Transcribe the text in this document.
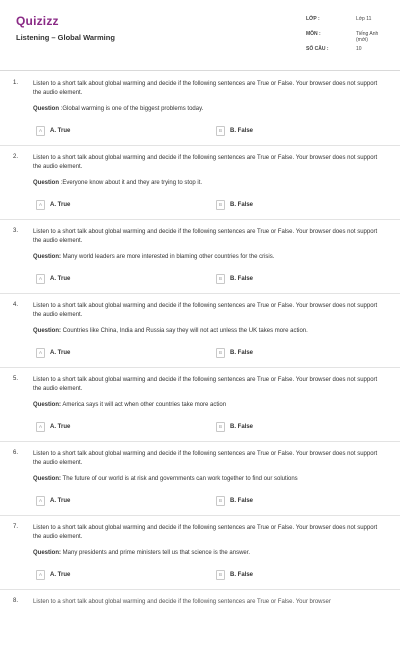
Quizizz
Listening – Global Warming
LỚP :	Lớp 11
MÔN :	Tiếng Anh (mới)
SỐ CÂU :	10
1. Listen to a short talk about global warming and decide if the following sentences are True or False. Your browser does not support the audio element.
Question :Global warming is one of the biggest problems today.
A A. True	B B. False
2. Listen to a short talk about global warming and decide if the following sentences are True or False. Your browser does not support the audio element.
Question :Everyone know about it and they are trying to stop it.
A A. True	B B. False
3. Listen to a short talk about global warming and decide if the following sentences are True or False. Your browser does not support the audio element.
Question: Many world leaders are more interested in blaming other countries for the crisis.
A A. True	B B. False
4. Listen to a short talk about global warming and decide if the following sentences are True or False. Your browser does not support the audio element.
Question: Countries like China, India and Russia say they will not act unless the UK takes more action.
A A. True	B B. False
5. Listen to a short talk about global warming and decide if the following sentences are True or False. Your browser does not support the audio element.
Question: America says it will act when other countries take more action
A A. True	B B. False
6. Listen to a short talk about global warming and decide if the following sentences are True or False. Your browser does not support the audio element.
Question: The future of our world is at risk and governments can work together to find our solutions
A A. True	B B. False
7. Listen to a short talk about global warming and decide if the following sentences are True or False. Your browser does not support the audio element.
Question: Many presidents and prime ministers tell us that science is the answer.
A A. True	B B. False
8. Listen to a short talk about global warming and decide if the following sentences are True or False. Your browser
